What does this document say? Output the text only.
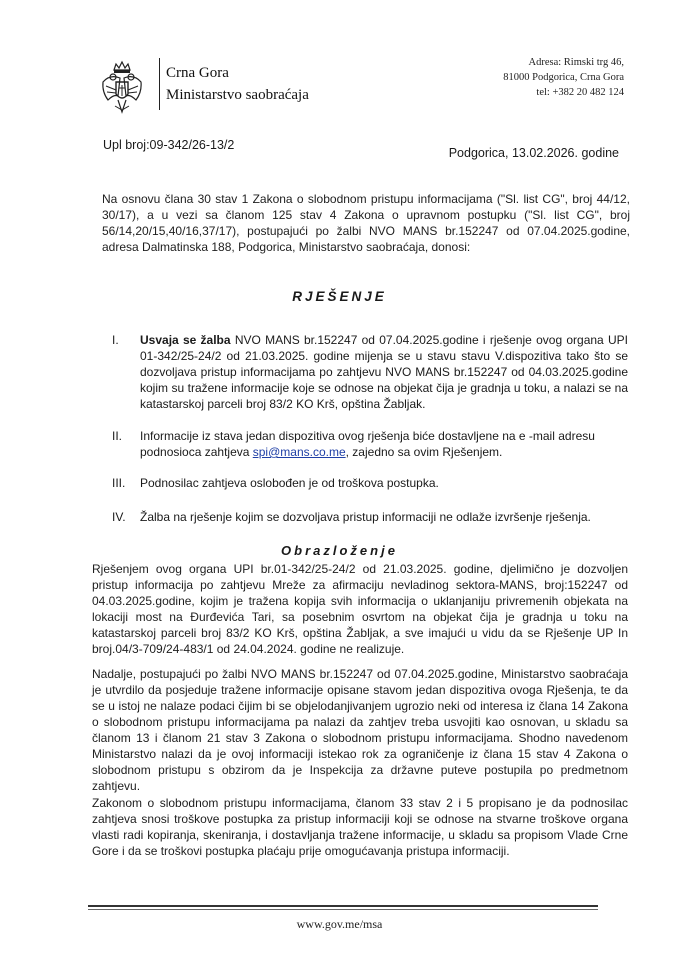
Crna Gora
Ministarstvo saobraćaja
Adresa: Rimski trg 46,
81000 Podgorica, Crna Gora
tel: +382 20 482 124
Upl broj:09-342/26-13/2
Podgorica, 13.02.2026. godine
Na osnovu člana 30 stav 1 Zakona o slobodnom pristupu informacijama ("Sl. list CG", broj 44/12, 30/17), a u vezi sa članom 125 stav 4 Zakona o upravnom postupku ("Sl. list CG", broj 56/14,20/15,40/16,37/17), postupajući po žalbi NVO MANS br.152247 od 07.04.2025.godine, adresa Dalmatinska 188, Podgorica, Ministarstvo saobraćaja, donosi:
RJEŠENJE
I. Usvaja se žalba NVO MANS br.152247 od 07.04.2025.godine i rješenje ovog organa UPI 01-342/25-24/2 od 21.03.2025. godine mijenja se u stavu stavu V.dispozitiva tako što se dozvoljava pristup informacijama po zahtjevu NVO MANS br.152247 od 04.03.2025.godine kojim su tražene informacije koje se odnose na objekat čija je gradnja u toku, a nalazi se na katastarskoj parceli broj 83/2 KO Krš, opština Žabljak.
II. Informacije iz stava jedan dispozitiva ovog rješenja biće dostavljene na e -mail adresu podnosioca zahtjeva spi@mans.co.me, zajedno sa ovim Rješenjem.
III. Podnosilac zahtjeva oslobođen je od troškova postupka.
IV. Žalba na rješenje kojim se dozvoljava pristup informaciji ne odlaže izvršenje rješenja.
Obrazloženje
Rješenjem ovog organa UPI br.01-342/25-24/2 od 21.03.2025. godine, djelimično je dozvoljen pristup informacija po zahtjevu Mreže za afirmaciju nevladinog sektora-MANS, broj:152247 od 04.03.2025.godine, kojim je tražena kopija svih informacija o uklanjaniju privremenih objekata na lokaciji most na Đurđevića Tari, sa posebnim osvrtom na objekat čija je gradnja u toku na katastarskoj parceli broj 83/2 KO Krš, opština Žabljak, a sve imajući u vidu da se Rješenje UP In broj.04/3-709/24-483/1 od 24.04.2024. godine ne realizuje.
Nadalje, postupajući po žalbi NVO MANS br.152247 od 07.04.2025.godine, Ministarstvo saobraćaja je utvrdilo da posjeduje tražene informacije opisane stavom jedan dispozitiva ovoga Rješenja, te da se u istoj ne nalaze podaci čijim bi se objelodanjivanjem ugrozio neki od interesa iz člana 14 Zakona o slobodnom pristupu informacijama pa nalazi da zahtjev treba usvojiti kao osnovan, u skladu sa članom 13 i članom 21 stav 3 Zakona o slobodnom pristupu informacijama. Shodno navedenom Ministarstvo nalazi da je ovoj informaciji istekao rok za ograničenje iz člana 15 stav 4 Zakona o slobodnom pristupu s obzirom da je Inspekcija za državne puteve postupila po predmetnom zahtjevu.
Zakonom o slobodnom pristupu informacijama, članom 33 stav 2 i 5 propisano je da podnosilac zahtjeva snosi troškove postupka za pristup informaciji koji se odnose na stvarne troškove organa vlasti radi kopiranja, skeniranja, i dostavljanja tražene informacije, u skladu sa propisom Vlade Crne Gore i da se troškovi postupka plaćaju prije omogućavanja pristupa informaciji.
www.gov.me/msa
